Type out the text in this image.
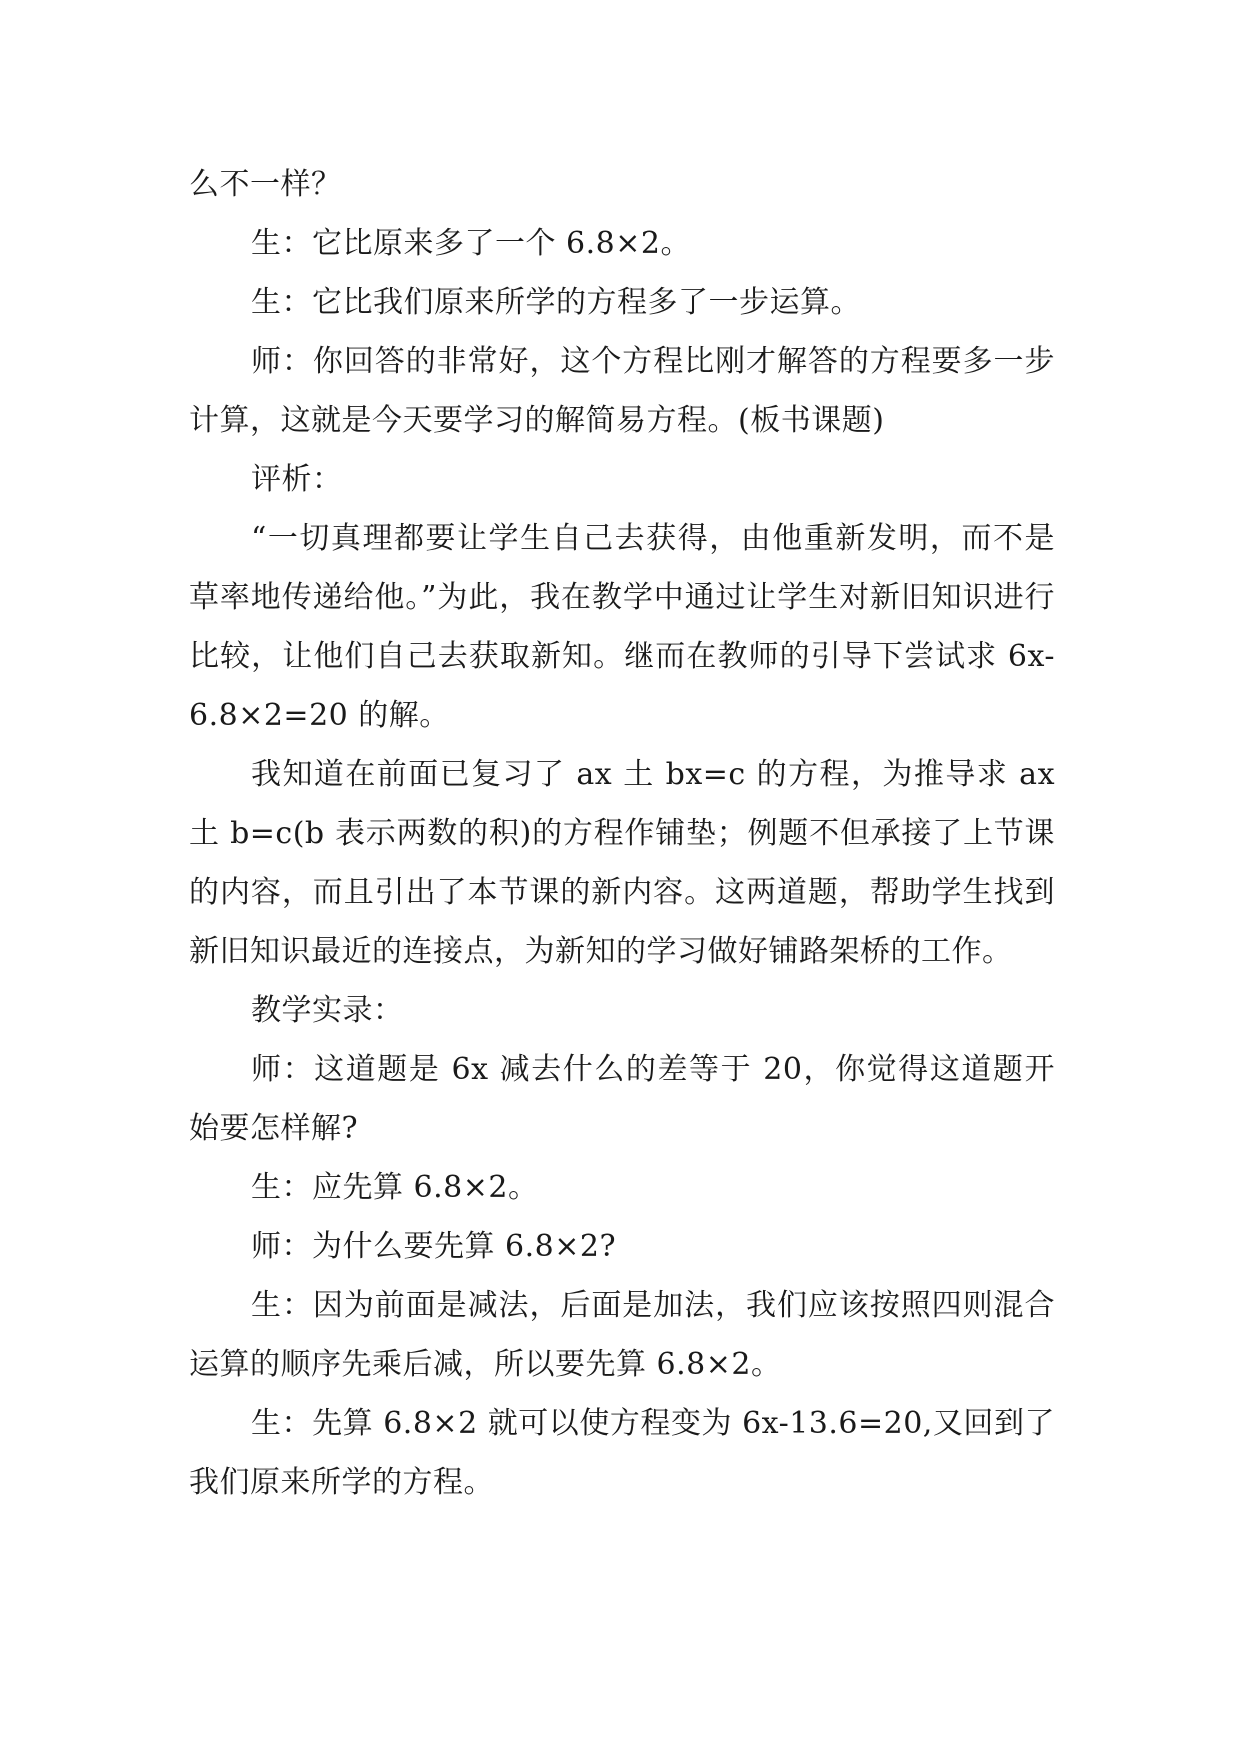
么不一样？

生：它比原来多了一个 6.8×2。

生：它比我们原来所学的方程多了一步运算。

师：你回答的非常好，这个方程比刚才解答的方程要多一步计算，这就是今天要学习的解简易方程。(板书课题)

评析：

“一切真理都要让学生自己去获得，由他重新发明，而不是草率地传递给他。”为此，我在教学中通过让学生对新旧知识进行比较，让他们自己去获取新知。继而在教师的引导下尝试求 6x-6.8×2=20 的解。

我知道在前面已复习了 ax 土 bx=c 的方程，为推导求 ax 土 b=c(b 表示两数的积)的方程作铺垫；例题不但承接了上节课的内容，而且引出了本节课的新内容。这两道题，帮助学生找到新旧知识最近的连接点，为新知的学习做好铺路架桥的工作。

教学实录：

师：这道题是 6x 减去什么的差等于 20，你觉得这道题开始要怎样解?

生：应先算 6.8×2。

师：为什么要先算 6.8×2?

生：因为前面是减法，后面是加法，我们应该按照四则混合运算的顺序先乘后减，所以要先算 6.8×2。

生：先算 6.8×2 就可以使方程变为 6x-13.6=20,又回到了我们原来所学的方程。
